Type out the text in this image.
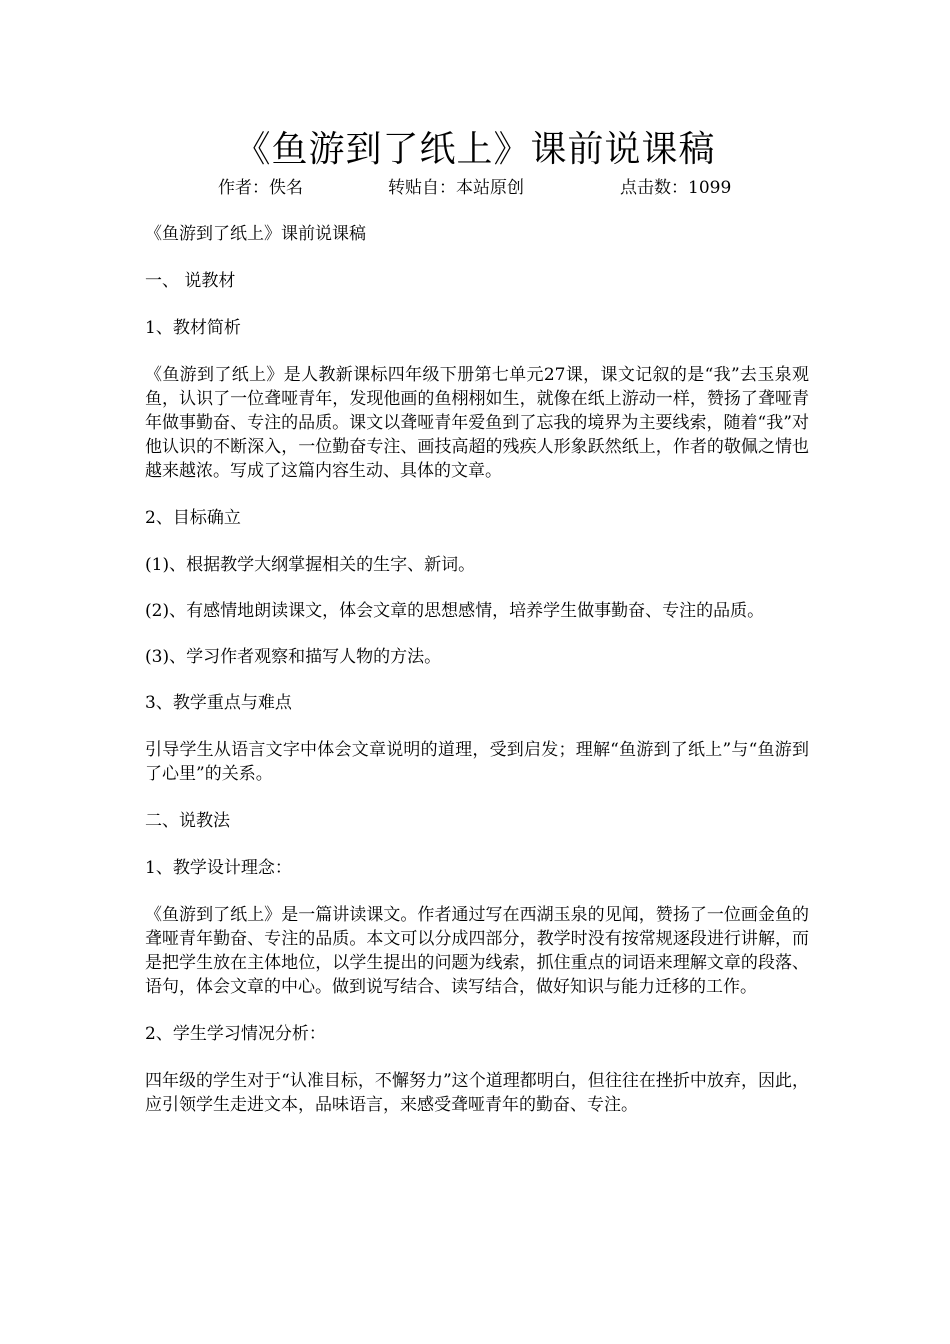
《鱼游到了纸上》课前说课稿
作者：佚名	转贴自：本站原创	点击数：1099

《鱼游到了纸上》课前说课稿

一、 说教材

1、教材简析

《鱼游到了纸上》是人教新课标四年级下册第七单元27课，课文记叙的是“我”去玉泉观鱼，认识了一位聋哑青年，发现他画的鱼栩栩如生，就像在纸上游动一样，赞扬了聋哑青年做事勤奋、专注的品质。课文以聋哑青年爱鱼到了忘我的境界为主要线索，随着“我”对他认识的不断深入，一位勤奋专注、画技高超的残疾人形象跃然纸上，作者的敬佩之情也越来越浓。写成了这篇内容生动、具体的文章。

2、目标确立

(1)、根据教学大纲掌握相关的生字、新词。

(2)、有感情地朗读课文，体会文章的思想感情，培养学生做事勤奋、专注的品质。

(3)、学习作者观察和描写人物的方法。

3、教学重点与难点

引导学生从语言文字中体会文章说明的道理，受到启发；理解“鱼游到了纸上”与“鱼游到了心里”的关系。

二、说教法

1、教学设计理念：

《鱼游到了纸上》是一篇讲读课文。作者通过写在西湖玉泉的见闻，赞扬了一位画金鱼的聋哑青年勤奋、专注的品质。本文可以分成四部分，教学时没有按常规逐段进行讲解，而是把学生放在主体地位，以学生提出的问题为线索，抓住重点的词语来理解文章的段落、语句，体会文章的中心。做到说写结合、读写结合，做好知识与能力迁移的工作。

2、学生学习情况分析：

四年级的学生对于“认准目标，不懈努力”这个道理都明白，但往往在挫折中放弃，因此，应引领学生走进文本，品味语言，来感受聋哑青年的勤奋、专注。
